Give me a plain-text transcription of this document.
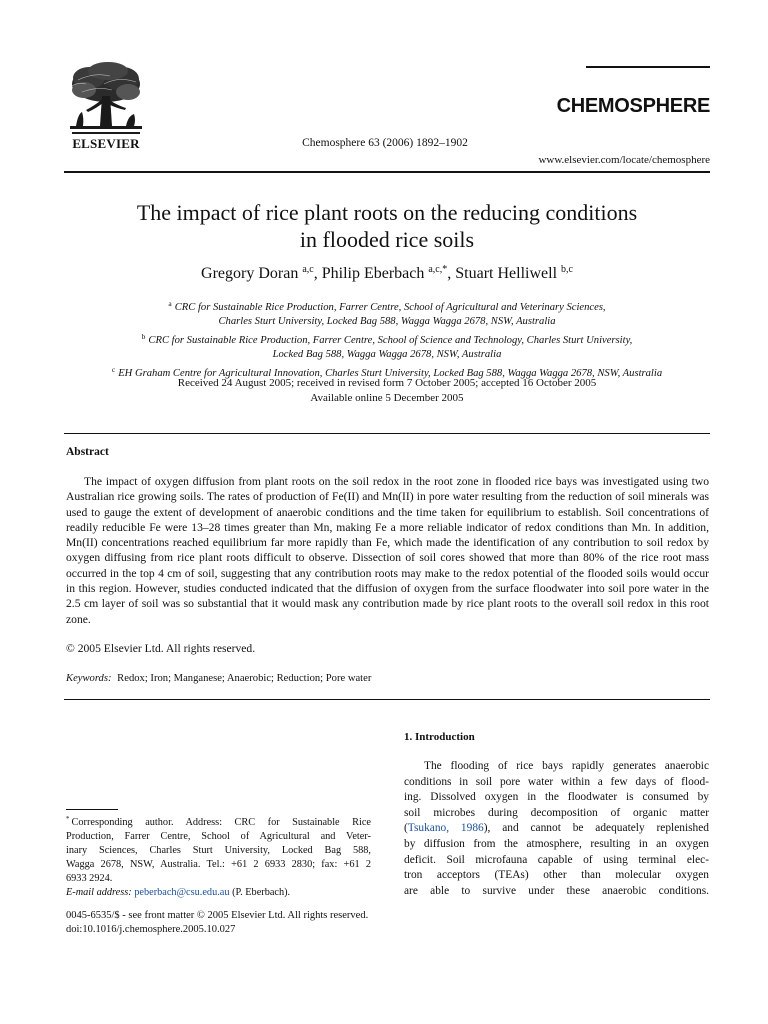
ELSEVIER	Chemosphere 63 (2006) 1892–1902
CHEMOSPHERE
www.elsevier.com/locate/chemosphere
The impact of rice plant roots on the reducing conditions
in flooded rice soils
Gregory Doran $^{a,c}$, Philip Eberbach $^{a,c,*}$, Stuart Helliwell $^{b,c}$
$^a$ CRC for Sustainable Rice Production, Farrer Centre, School of Agricultural and Veterinary Sciences,
Charles Sturt University, Locked Bag 588, Wagga Wagga 2678, NSW, Australia
$^b$ CRC for Sustainable Rice Production, Farrer Centre, School of Science and Technology, Charles Sturt University,
Locked Bag 588, Wagga Wagga 2678, NSW, Australia
$^c$ EH Graham Centre for Agricultural Innovation, Charles Sturt University, Locked Bag 588, Wagga Wagga 2678, NSW, Australia
Received 24 August 2005; received in revised form 7 October 2005; accepted 16 October 2005
Available online 5 December 2005
Abstract

The impact of oxygen diffusion from plant roots on the soil redox in the root zone in flooded rice bays was investigated using two Australian rice growing soils. The rates of production of Fe(II) and Mn(II) in pore water resulting from the reduction of soil minerals was used to gauge the extent of development of anaerobic conditions and the time taken for equilibrium to establish. Soil concentrations of readily reducible Fe were 13–28 times greater than Mn, making Fe a more reliable indicator of redox conditions than Mn. In addition, Mn(II) concentrations reached equilibrium far more rapidly than Fe, which made the identification of any contribution to soil redox by oxygen diffusing from rice plant roots difficult to observe. Dissection of soil cores showed that more than 80% of the rice root mass occurred in the top 4 cm of soil, suggesting that any contribution roots may make to the redox potential of the flooded soils would occur in this region. However, studies conducted indicated that the diffusion of oxygen from the surface floodwater into soil pore water in the 2.5 cm layer of soil was so substantial that it would mask any contribution made by rice plant roots to the overall soil redox in this root zone.

© 2005 Elsevier Ltd. All rights reserved.
Keywords: Redox; Iron; Manganese; Anaerobic; Reduction; Pore water
1. Introduction
The flooding of rice bays rapidly generates anaerobic
conditions in soil pore water within a few days of flood-
ing. Dissolved oxygen in the floodwater is consumed by
soil microbes during decomposition of organic matter
(Tsukano, 1986), and cannot be adequately replenished
by diffusion from the atmosphere, resulting in an oxygen
deficit. Soil microfauna capable of using terminal elec-
tron acceptors (TEAs) other than molecular oxygen
are able to survive under these anaerobic conditions.
* Corresponding author. Address: CRC for Sustainable Rice
Production, Farrer Centre, School of Agricultural and Veter-
inary Sciences, Charles Sturt University, Locked Bag 588,
Wagga 2678, NSW, Australia. Tel.: +61 2 6933 2830; fax: +61 2
6933 2924.
E-mail address: peberbach@csu.edu.au (P. Eberbach).
0045-6535/$ - see front matter © 2005 Elsevier Ltd. All rights reserved.
doi:10.1016/j.chemosphere.2005.10.027
